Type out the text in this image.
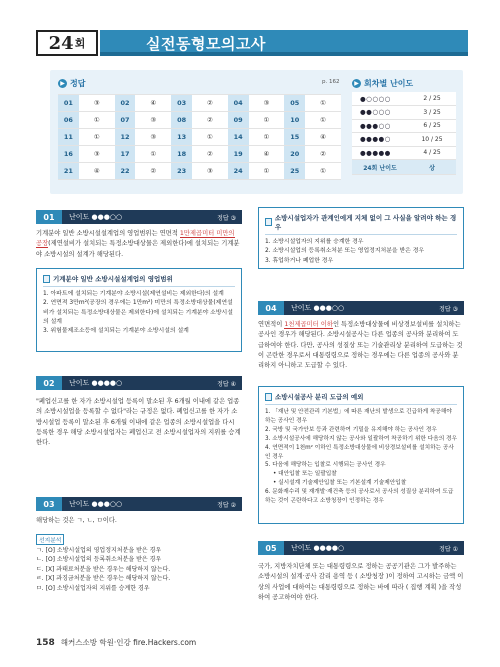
24 회	실전동형모의고사
▶ 정답	p. 162
01	③	02	④	03	②	04	③	05	①
06	①	07	③	08	②	09	①	10	①
11	①	12	③	13	①	14	①	15	④
16	③	17	①	18	②	19	④	20	②
21	④	22	②	23	③	24	①	25	①
▶ 회차별 난이도
●○○○○	2 / 25
●●○○○	3 / 25
●●●○○	6 / 25
●●●●○	10 / 25
●●●●●	4 / 25
24회 난이도	상
01	난이도 ●●●○○	정답 ③
기계분야 일반 소방시설설계업의 영업범위는 연면적 1만제곱미터 미만의 공장(제연설비가 설치되는 특정소방대상물은 제외한다)에 설치되는 기계분야 소방시설의 설계가 해당된다.
기계분야 일반 소방시설설계업의 영업범위
1. 아파트에 설치되는 기계분야 소방시설(제연설비는 제외한다)의 설계
2. 연면적 3만m²(공장의 경우에는 1만m²) 미만의 특정소방대상물(제연설비가 설치되는 특정소방대상물은 제외한다)에 설치되는 기계분야 소방시설의 설계
3. 위험물제조소등에 설치되는 기계분야 소방시설의 설계
02	난이도 ●●●●○	정답 ④
"폐업신고를 한 자가 소방시설업 등록이 말소된 후 6개월 이내에 같은 업종의 소방시설업을 등록할 수 없다"라는 규정은 없다. 폐업신고를 한 자가 소방시설업 등록이 말소된 후 6개월 이내에 같은 업종의 소방시설업을 다시 등록한 경우 해당 소방시설업자는 폐업신고 전 소방시설업자의 지위를 승계한다.
03	난이도 ●●●○○	정답 ②
해당하는 것은 ㄱ, ㄴ, ㅁ이다.
선지분석
ㄱ. [O] 소방시설업의 영업정지처분을 받은 경우
ㄴ. [O] 소방시설업의 등록취소처분을 받은 경우
ㄷ. [X] 과태료처분을 받은 경우는 해당하지 않는다.
ㄹ. [X] 과징금처분을 받은 경우는 해당하지 않는다.
ㅁ. [O] 소방시설업자의 지위를 승계한 경우
소방시설업자가 관계인에게 지체 없이 그 사실을 알려야 하는 경우
1. 소방시설업자의 지위를 승계한 경우
2. 소방시설업의 등록취소처분 또는 영업정지처분을 받은 경우
3. 휴업하거나 폐업한 경우
04	난이도 ●●●○○	정답 ③
연면적이 1천제곱미터 이하인 특정소방대상물에 비상경보설비를 설치하는 공사인 경우가 해당된다. 소방시설공사는 다른 업종의 공사와 분리하여 도급하여야 한다. 다만, 공사의 성질상 또는 기술관리상 분리하여 도급하는 것이 곤란한 경우로서 대통령령으로 정하는 경우에는 다른 업종의 공사와 분리하지 아니하고 도급할 수 있다.
소방시설공사 분리 도급의 예외
1. 「재난 및 안전관리 기본법」에 따른 재난의 발생으로 긴급하게 착공해야 하는 공사인 경우
2. 국방 및 국가안보 등과 관련하여 기밀을 유지해야 하는 공사인 경우
3. 소방시설공사에 해당하지 않는 공사와 일괄하여 착공하기 위한 다음의 경우
4. 연면적이 1천m² 이하인 특정소방대상물에 비상경보설비를 설치하는 공사인 경우
5. 다음에 해당하는 입찰로 시행되는 공사인 경우
• 대안입찰 또는 일괄입찰
• 실시설계 기술제안입찰 또는 기본설계 기술제안입찰
6. 문화재수리 및 재개발·재건축 등의 공사로서 공사의 성질상 분리하여 도급하는 것이 곤란하다고 소방청장이 인정하는 경우
05	난이도 ●●●●○	정답 ①
국가, 지방자치단체 또는 대통령령으로 정하는 공공기관은 그가 발주하는 소방시설의 설계·공사 감리 용역 등 ( 소방청장 )이 정하여 고시하는 금액 이상의 사업에 대하여는 대통령령으로 정하는 바에 따라 ( 집행 계획 )을 작성하여 공고하여야 한다.
158 해커스소방 학원·인강 fire.Hackers.com
